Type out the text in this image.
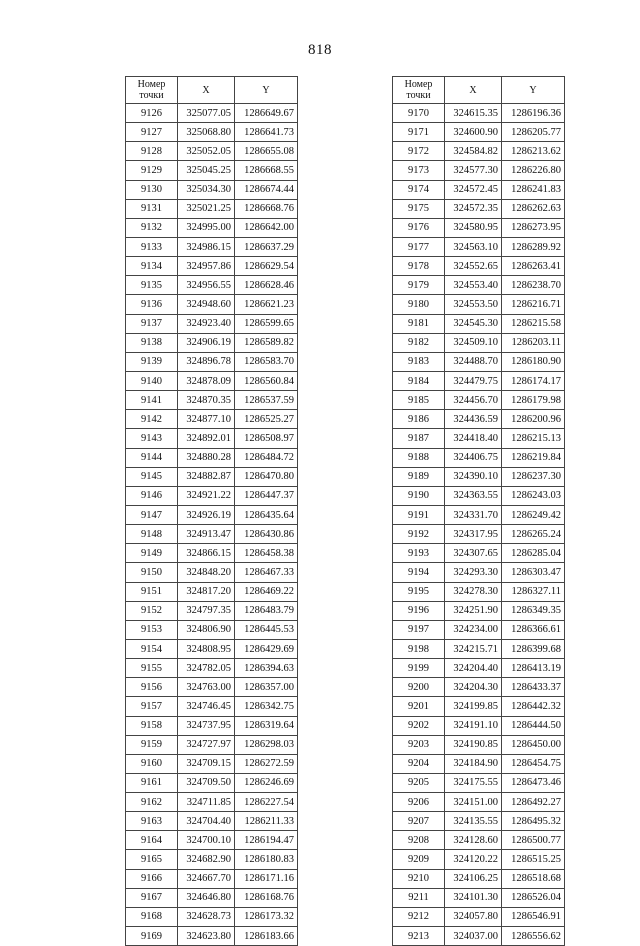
818
Номер
точки	X	Y
9126	325077.05	1286649.67
9127	325068.80	1286641.73
9128	325052.05	1286655.08
9129	325045.25	1286668.55
9130	325034.30	1286674.44
9131	325021.25	1286668.76
9132	324995.00	1286642.00
9133	324986.15	1286637.29
9134	324957.86	1286629.54
9135	324956.55	1286628.46
9136	324948.60	1286621.23
9137	324923.40	1286599.65
9138	324906.19	1286589.82
9139	324896.78	1286583.70
9140	324878.09	1286560.84
9141	324870.35	1286537.59
9142	324877.10	1286525.27
9143	324892.01	1286508.97
9144	324880.28	1286484.72
9145	324882.87	1286470.80
9146	324921.22	1286447.37
9147	324926.19	1286435.64
9148	324913.47	1286430.86
9149	324866.15	1286458.38
9150	324848.20	1286467.33
9151	324817.20	1286469.22
9152	324797.35	1286483.79
9153	324806.90	1286445.53
9154	324808.95	1286429.69
9155	324782.05	1286394.63
9156	324763.00	1286357.00
9157	324746.45	1286342.75
9158	324737.95	1286319.64
9159	324727.97	1286298.03
9160	324709.15	1286272.59
9161	324709.50	1286246.69
9162	324711.85	1286227.54
9163	324704.40	1286211.33
9164	324700.10	1286194.47
9165	324682.90	1286180.83
9166	324667.70	1286171.16
9167	324646.80	1286168.76
9168	324628.73	1286173.32
9169	324623.80	1286183.66
Номер
точки	X	Y
9170	324615.35	1286196.36
9171	324600.90	1286205.77
9172	324584.82	1286213.62
9173	324577.30	1286226.80
9174	324572.45	1286241.83
9175	324572.35	1286262.63
9176	324580.95	1286273.95
9177	324563.10	1286289.92
9178	324552.65	1286263.41
9179	324553.40	1286238.70
9180	324553.50	1286216.71
9181	324545.30	1286215.58
9182	324509.10	1286203.11
9183	324488.70	1286180.90
9184	324479.75	1286174.17
9185	324456.70	1286179.98
9186	324436.59	1286200.96
9187	324418.40	1286215.13
9188	324406.75	1286219.84
9189	324390.10	1286237.30
9190	324363.55	1286243.03
9191	324331.70	1286249.42
9192	324317.95	1286265.24
9193	324307.65	1286285.04
9194	324293.30	1286303.47
9195	324278.30	1286327.11
9196	324251.90	1286349.35
9197	324234.00	1286366.61
9198	324215.71	1286399.68
9199	324204.40	1286413.19
9200	324204.30	1286433.37
9201	324199.85	1286442.32
9202	324191.10	1286444.50
9203	324190.85	1286450.00
9204	324184.90	1286454.75
9205	324175.55	1286473.46
9206	324151.00	1286492.27
9207	324135.55	1286495.32
9208	324128.60	1286500.77
9209	324120.22	1286515.25
9210	324106.25	1286518.68
9211	324101.30	1286526.04
9212	324057.80	1286546.91
9213	324037.00	1286556.62
